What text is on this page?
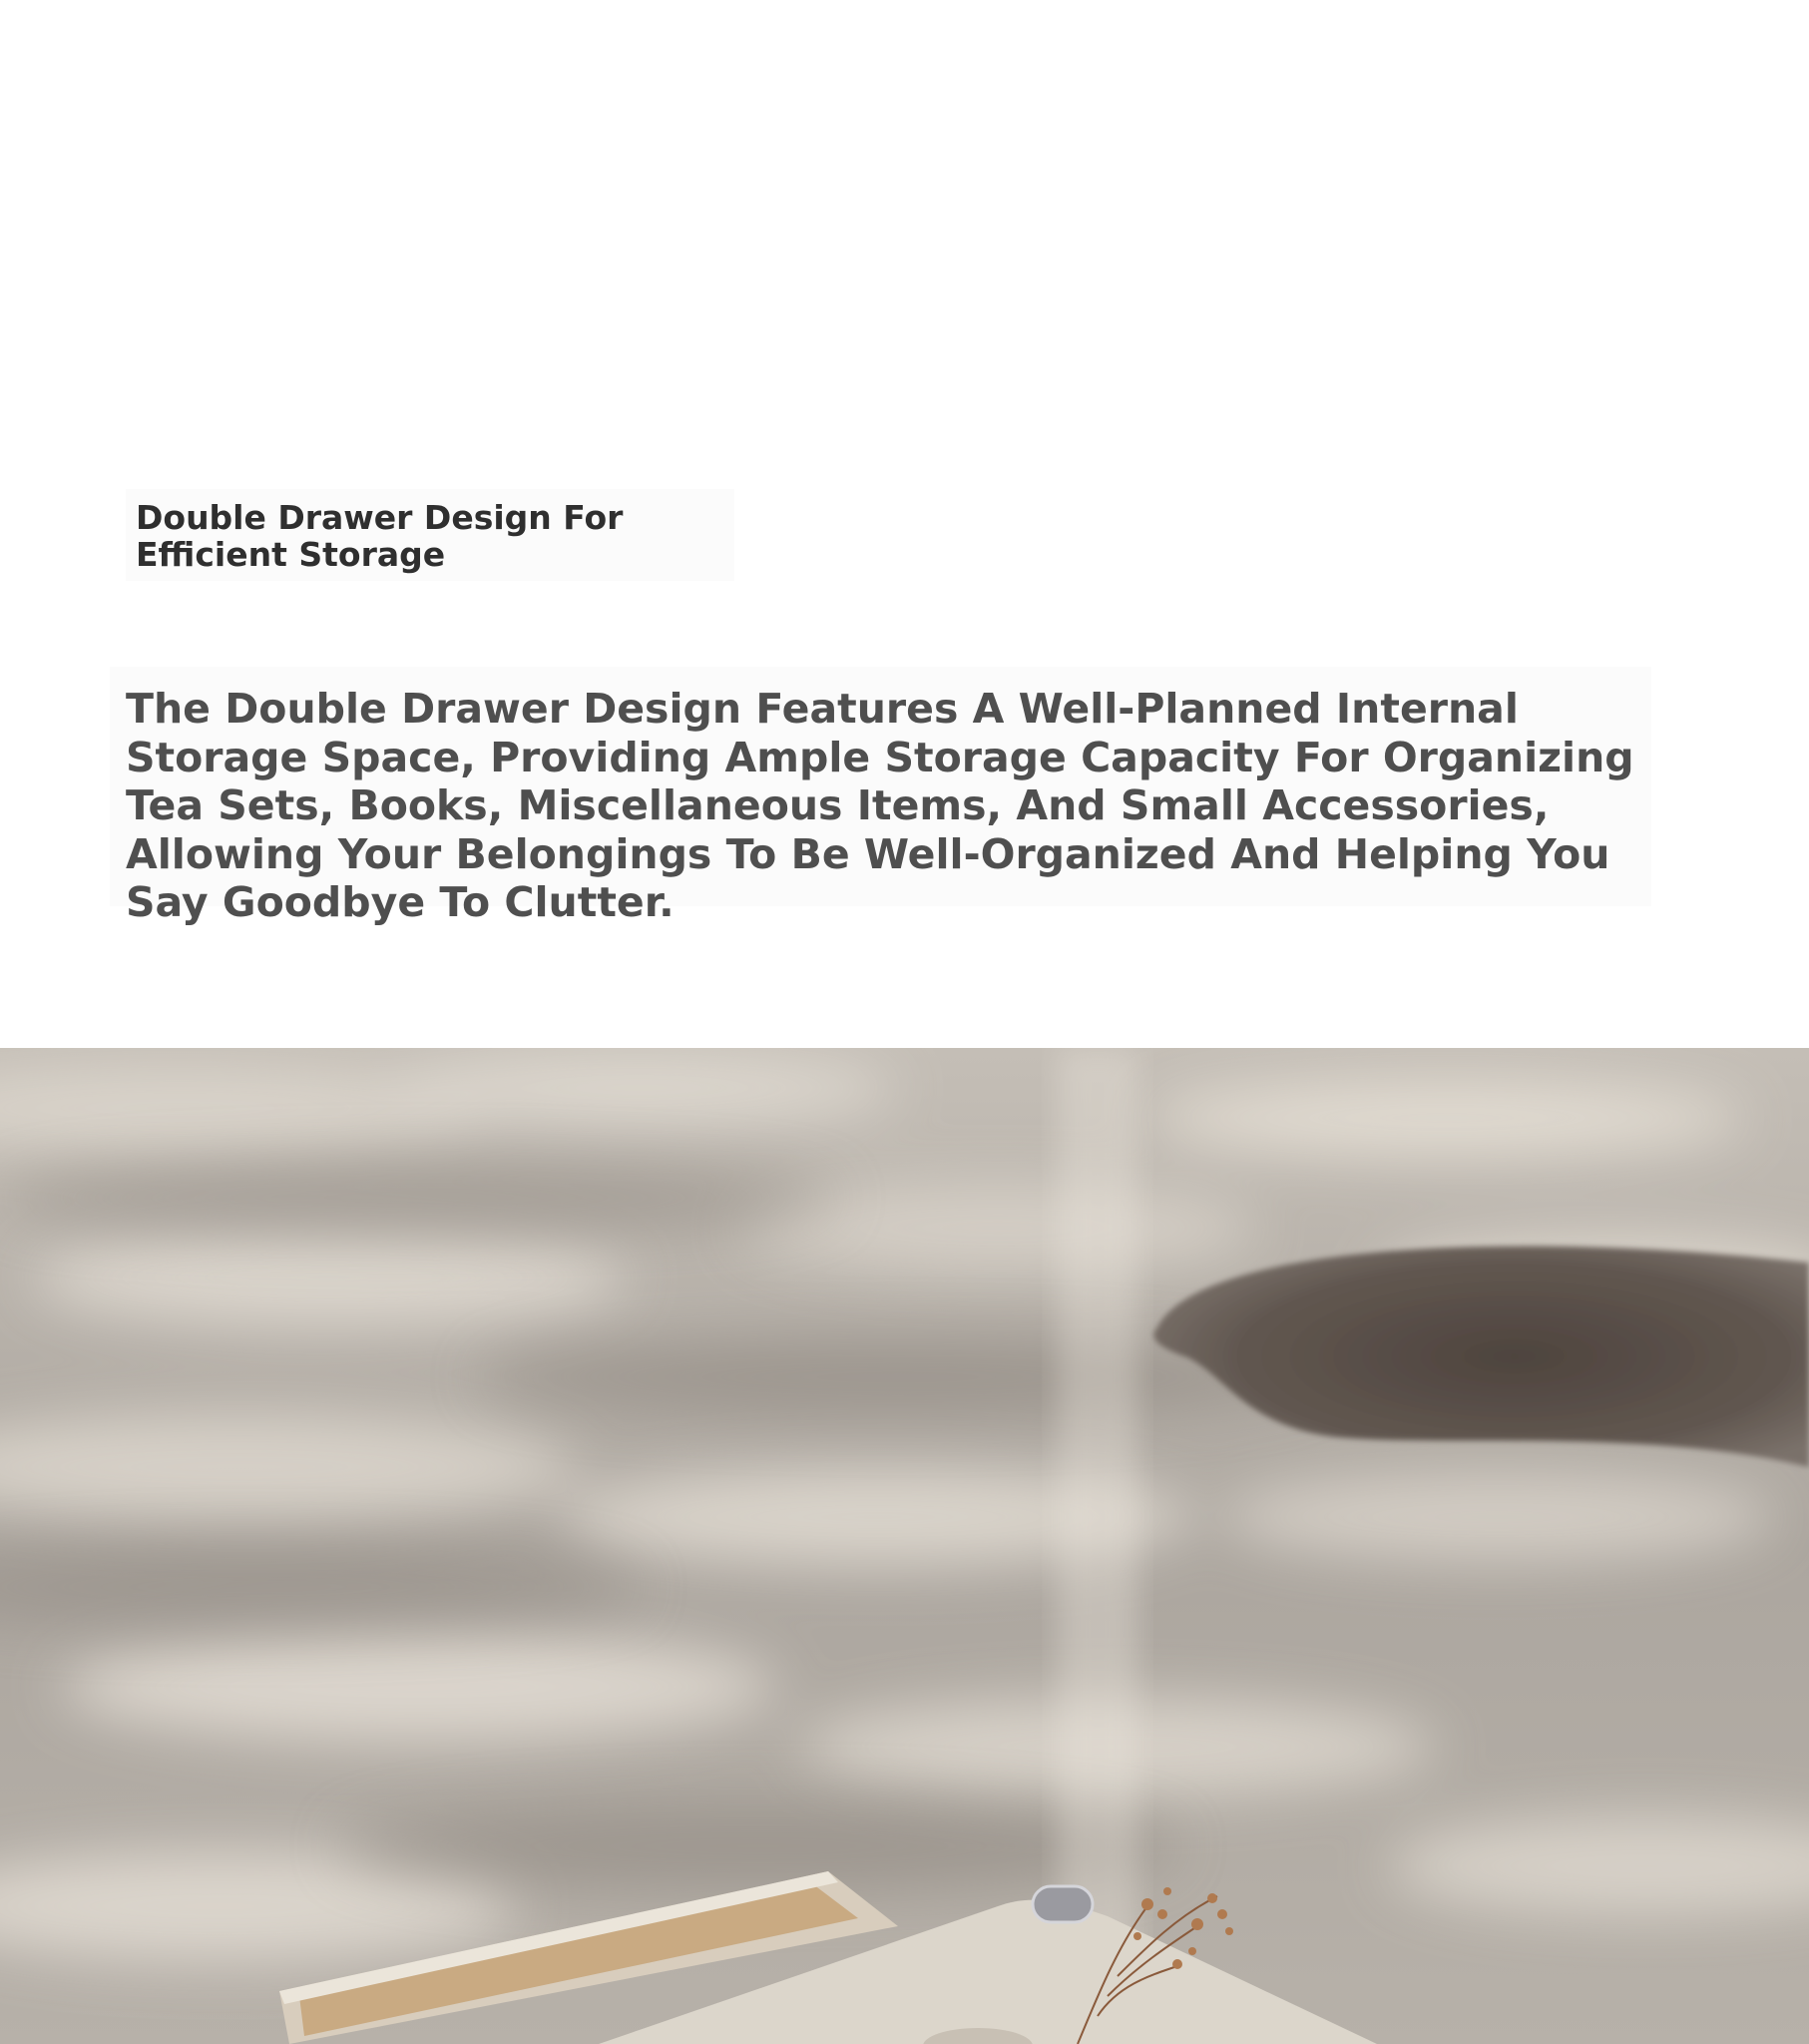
Double Drawer Design For Efficient Storage

The Double Drawer Design Features A Well-Planned Internal Storage Space, Providing Ample Storage Capacity For Organizing Tea Sets, Books, Miscellaneous Items, And Small Accessories, Allowing Your Belongings To Be Well-Organized And Helping You Say Goodbye To Clutter.
